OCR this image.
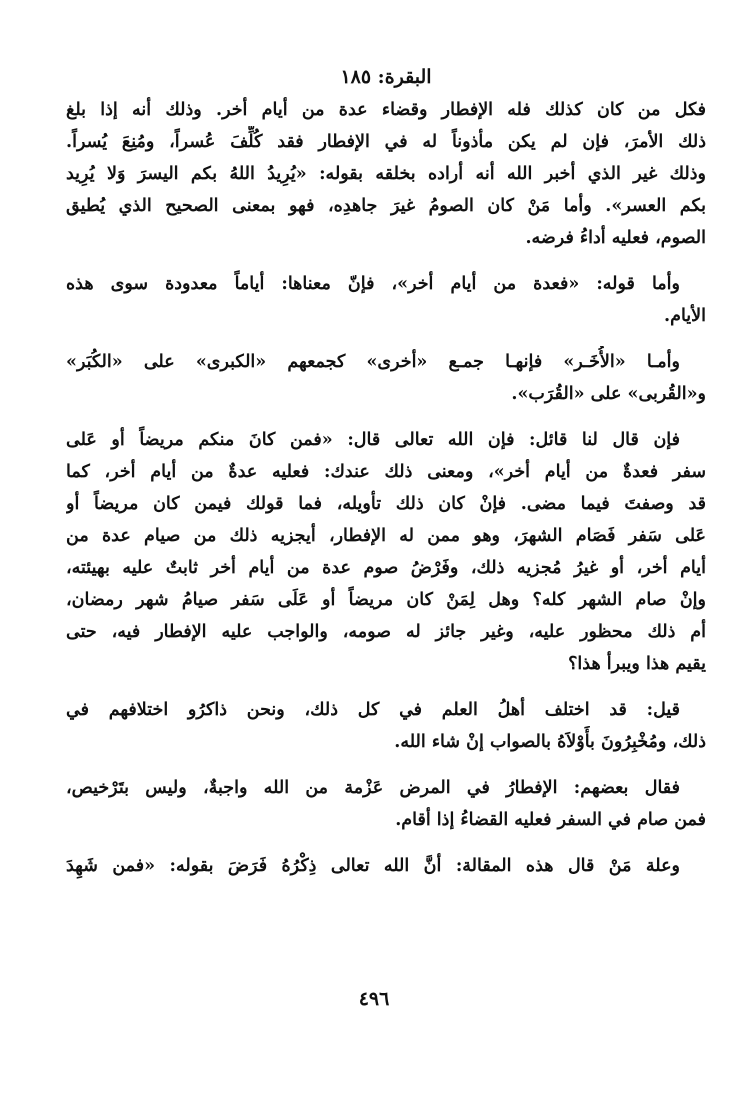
البقرة: ١٨٥
فكل من كان كذلك فله الإفطار وقضاء عدة من أيام أخر. وذلك أنه إذا بلغ
ذلك الأمرَ، فإن لم يكن مأذوناً له في الإفطار فقد كُلِّفَ عُسراً، ومُنِعَ يُسراً.
وذلك غير الذي أخبر الله أنه أراده بخلقه بقوله: «يُرِيدُ اللهُ بكم اليسرَ وَلا يُرِيد
بكم العسر». وأما مَنْ كان الصومُ غيرَ جاهدِه، فهو بمعنى الصحيح الذي يُطيق
الصوم، فعليه أداءُ فرضه.
وأما قوله: «فعدة من أيام أخر»، فإنّ معناها: أياماً معدودة سوى هذه
الأيام.
وأمـا «الأُخَـر» فإنهـا جمـع «أخرى» كجمعهم «الكبرى» على «الكُبَر»
و«القُربى» على «القُرَب».
فإن قال لنا قائل: فإن الله تعالى قال: «فمن كانَ منكم مريضاً أو عَلى
سفر فعدةٌ من أيام أخر»، ومعنى ذلك عندك: فعليه عدةٌ من أيام أخر، كما
قد وصفتَ فيما مضى. فإنْ كان ذلك تأويله، فما قولك فيمن كان مريضاً أو
عَلى سَفر فَصَام الشهرَ، وهو ممن له الإفطار، أيجزيه ذلك من صيام عدة من
أيام أخر، أو غيرُ مُجزيه ذلك، وفَرْضُ صوم عدة من أيام أخر ثابتٌ عليه بهيئته،
وإنْ صام الشهر كله؟ وهل لِمَنْ كان مريضاً أو عَلَى سَفر صيامُ شهر رمضان،
أم ذلك محظور عليه، وغير جائز له صومه، والواجب عليه الإفطار فيه، حتى
يقيم هذا ويبرأ هذا؟
قيل: قد اختلف أهلُ العلم في كل ذلك، ونحن ذاكرُو اختلافهم في
ذلك، ومُخْبِرُونَ بأَوْلاَهُ بالصواب إنْ شاء الله.
فقال بعضهم: الإفطارُ في المرض عَزْمة من الله واجبةٌ، وليس بتَرْخيص،
فمن صام في السفر فعليه القضاءُ إذا أقام.
وعلة مَنْ قال هذه المقالة: أنَّ الله تعالى ذِكْرُهُ فَرَضَ بقوله: «فمن شَهِدَ
٤٩٦
